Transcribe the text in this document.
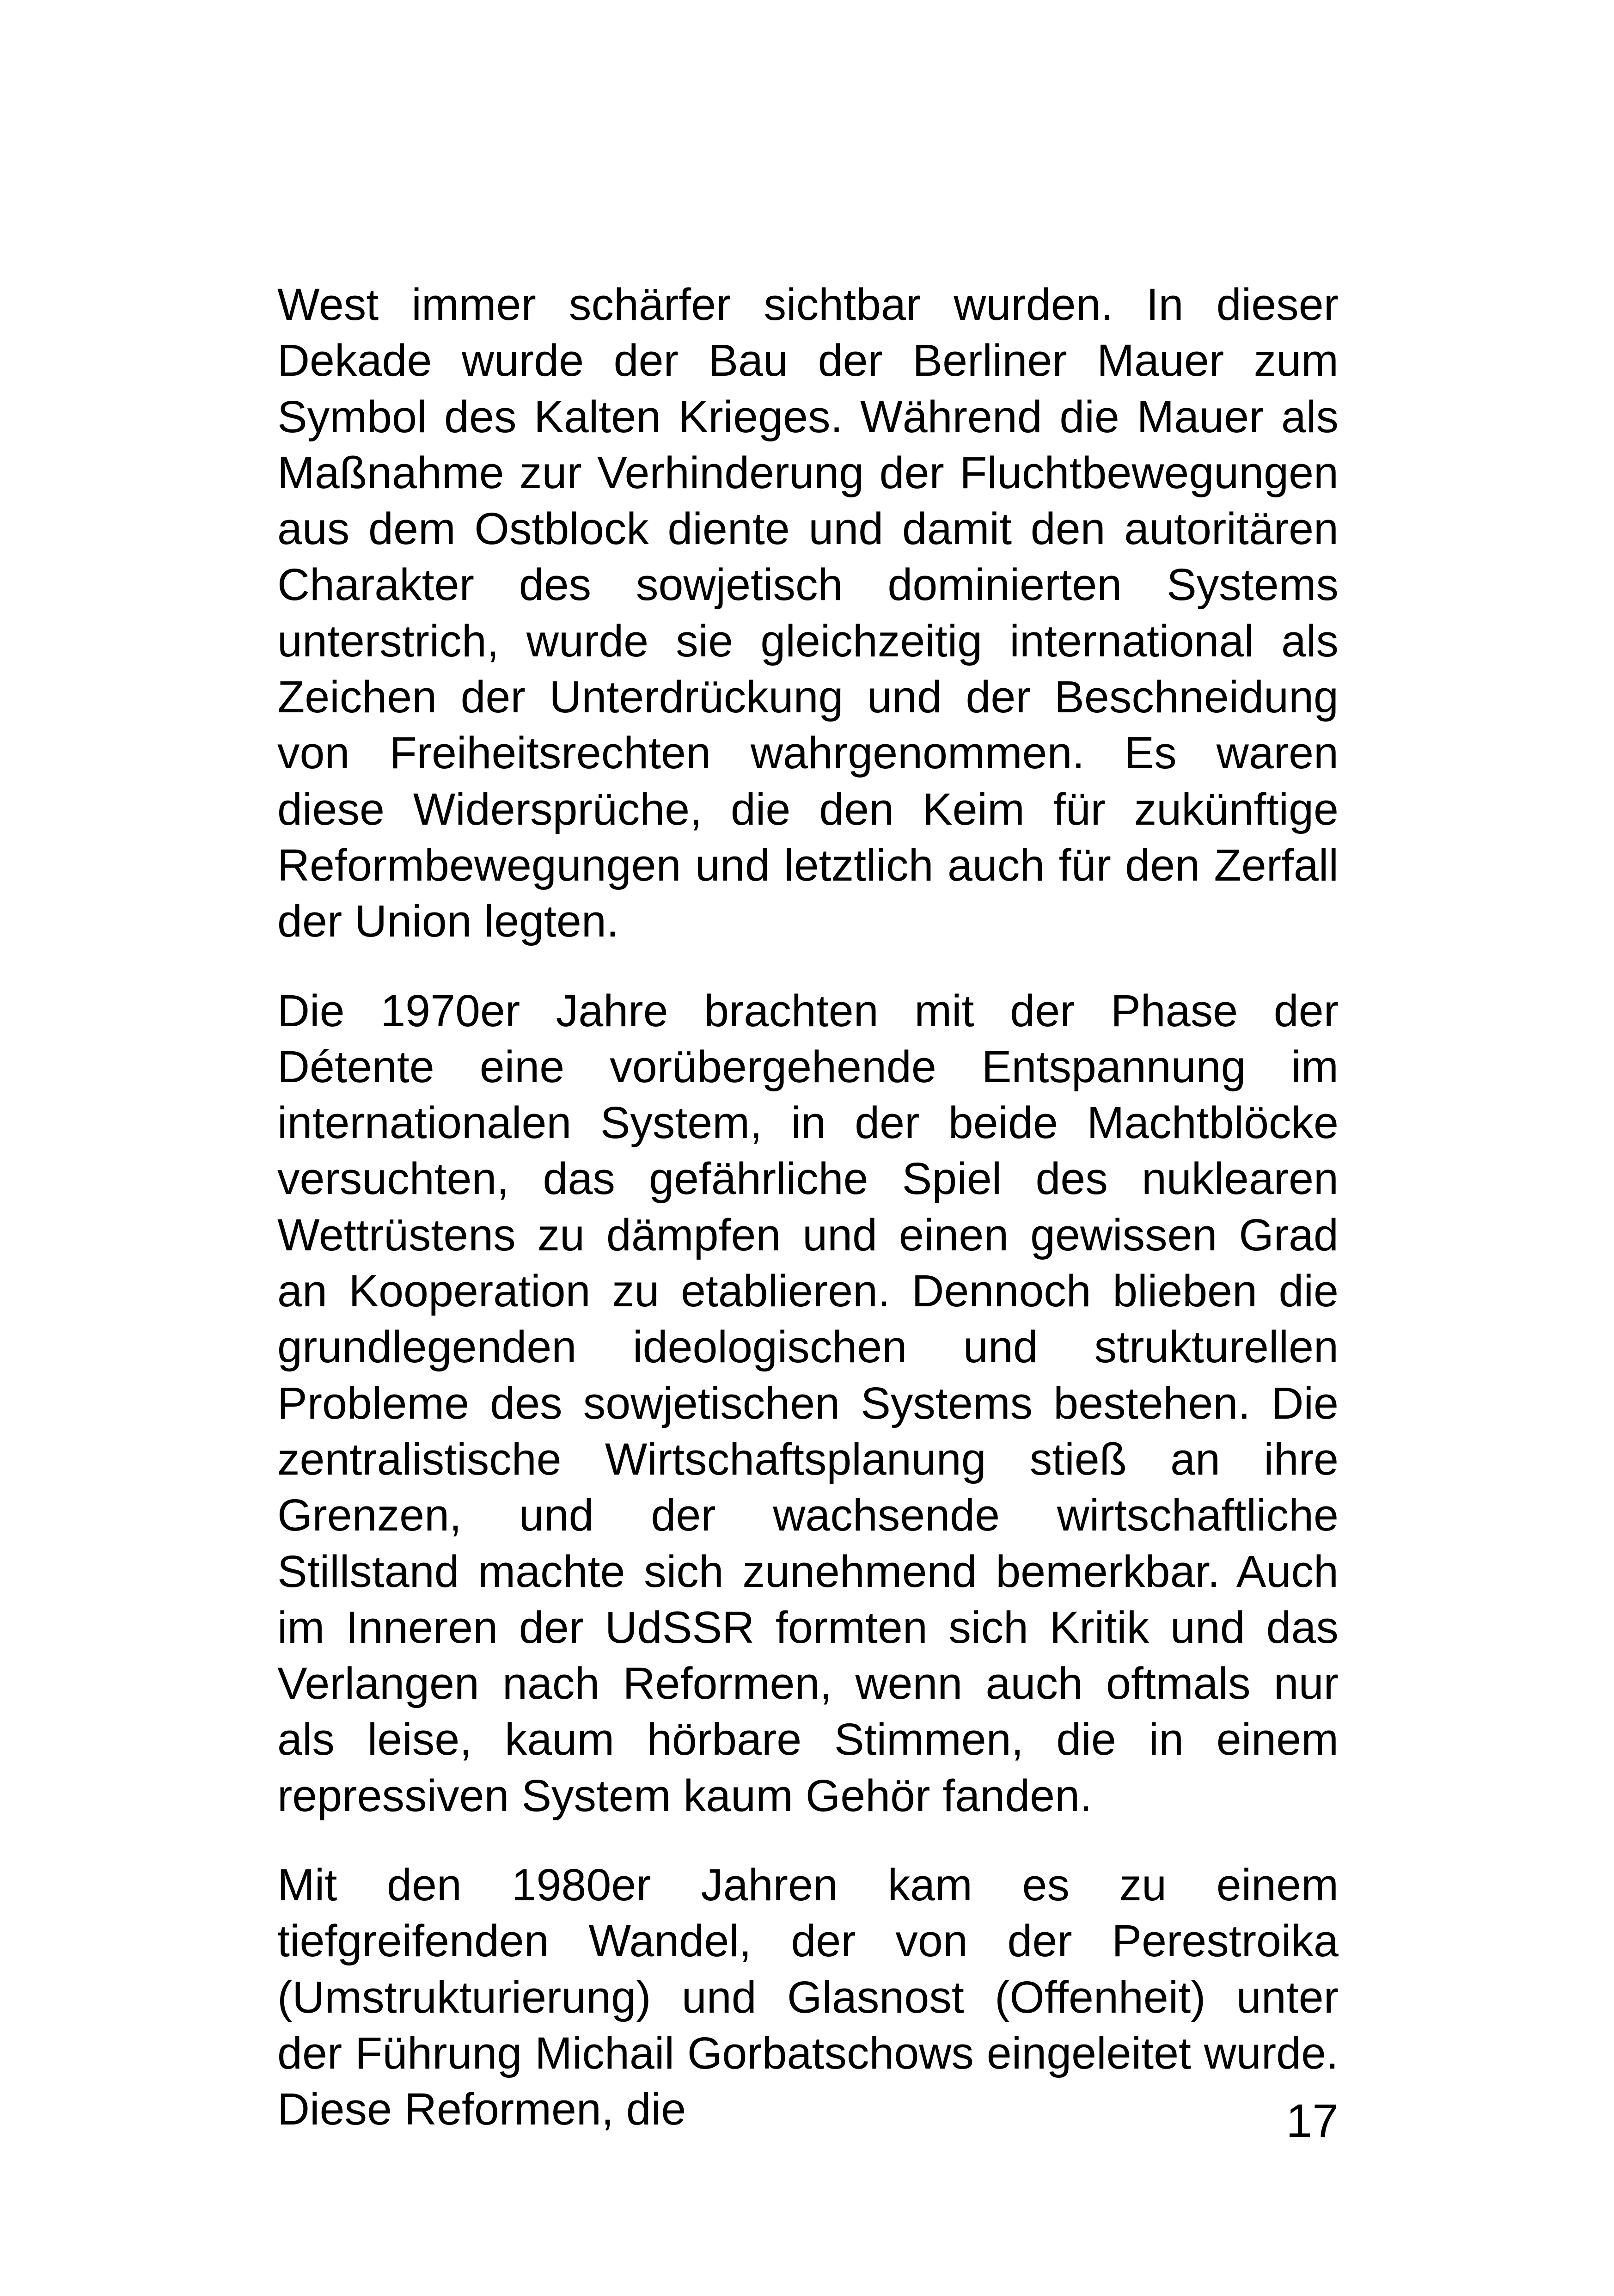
West immer schärfer sichtbar wurden. In dieser Dekade wurde der Bau der Berliner Mauer zum Symbol des Kalten Krieges. Während die Mauer als Maßnahme zur Verhinderung der Fluchtbewegungen aus dem Ostblock diente und damit den autoritären Charakter des sowjetisch dominierten Systems unterstrich, wurde sie gleichzeitig international als Zeichen der Unterdrückung und der Beschneidung von Freiheitsrechten wahrgenommen. Es waren diese Widersprüche, die den Keim für zukünftige Reformbewegungen und letztlich auch für den Zerfall der Union legten.

Die 1970er Jahre brachten mit der Phase der Détente eine vorübergehende Entspannung im internationalen System, in der beide Machtblöcke versuchten, das gefährliche Spiel des nuklearen Wettrüstens zu dämpfen und einen gewissen Grad an Kooperation zu etablieren. Dennoch blieben die grundlegenden ideologischen und strukturellen Probleme des sowjetischen Systems bestehen. Die zentralistische Wirtschaftsplanung stieß an ihre Grenzen, und der wachsende wirtschaftliche Stillstand machte sich zunehmend bemerkbar. Auch im Inneren der UdSSR formten sich Kritik und das Verlangen nach Reformen, wenn auch oftmals nur als leise, kaum hörbare Stimmen, die in einem repressiven System kaum Gehör fanden.

Mit den 1980er Jahren kam es zu einem tiefgreifenden Wandel, der von der Perestroika (Umstrukturierung) und Glasnost (Offenheit) unter der Führung Michail Gorbatschows eingeleitet wurde. Diese Reformen, die	17
